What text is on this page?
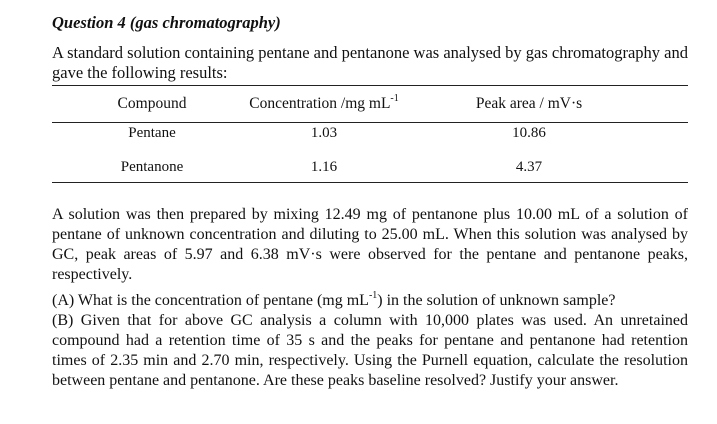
Question 4 (gas chromatography)

A standard solution containing pentane and pentanone was analysed by gas chromatography and gave the following results:

Compound	Concentration /mg $mL^{-1}$	Peak area / mV·s
Pentane	1.03	10.86
Pentanone	1.16	4.37

A solution was then prepared by mixing 12.49 mg of pentanone plus 10.00 mL of a solution of pentane of unknown concentration and diluting to 25.00 mL. When this solution was analysed by GC, peak areas of 5.97 and 6.38 mV·s were observed for the pentane and pentanone peaks, respectively.

(A) What is the concentration of pentane (mg $mL^{-1}$) in the solution of unknown sample?

(B) Given that for above GC analysis a column with 10,000 plates was used. An unretained compound had a retention time of 35 s and the peaks for pentane and pentanone had retention times of 2.35 min and 2.70 min, respectively. Using the Purnell equation, calculate the resolution between pentane and pentanone. Are these peaks baseline resolved? Justify your answer.
